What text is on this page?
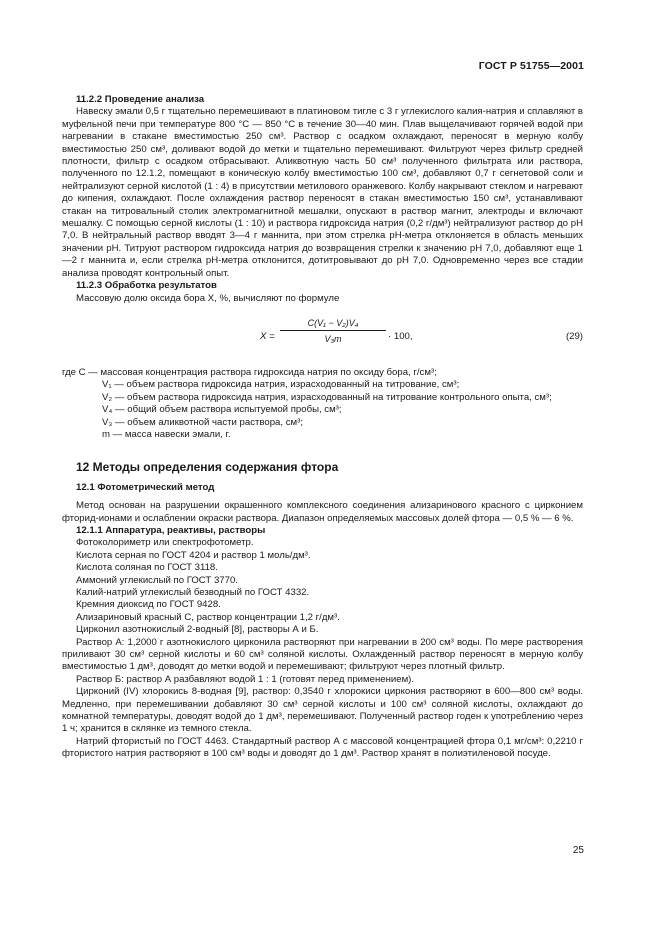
ГОСТ Р 51755—2001

11.2.2 Проведение анализа

Навеску эмали 0,5 г тщательно перемешивают в платиновом тигле с 3 г углекислого калия-натрия и сплавляют в муфельной печи при температуре 800 °С — 850 °С в течение 30—40 мин. Плав выщелачивают горячей водой при нагревании в стакане вместимостью 250 см³. Раствор с осадком охлаждают, переносят в мерную колбу вместимостью 250 см³, доливают водой до метки и тщательно перемешивают. Фильтруют через фильтр средней плотности, фильтр с осадком отбрасывают. Аликвотную часть 50 см³ полученного фильтрата или раствора, полученного по 12.1.2, помещают в коническую колбу вместимостью 100 см³, добавляют 0,7 г сегнетовой соли и нейтрализуют серной кислотой (1 : 4) в присутствии метилового оранжевого. Колбу накрывают стеклом и нагревают до кипения, охлаждают. После охлаждения раствор переносят в стакан вместимостью 150 см³, устанавливают стакан на титровальный столик электромагнитной мешалки, опускают в раствор магнит, электроды и включают мешалку. С помощью серной кислоты (1 : 10) и раствора гидроксида натрия (0,2 г/дм³) нейтрализуют раствор до рН 7,0. В нейтральный раствор вводят 3—4 г маннита, при этом стрелка рН-метра отклоняется в область меньших значении рН. Титруют раствором гидроксида натрия до возвращения стрелки к значению рН 7,0, добавляют еще 1—2 г маннита и, если стрелка рН-метра отклонится, дотитровывают до рН 7,0. Одновременно через все стадии анализа проводят контрольный опыт.

11.2.3 Обработка результатов

Массовую долю оксида бора X, %, вычисляют по формуле

$X = \frac{\text{C(V₁ − V₂)V₄}}{\text{V₃m}} \cdot 100$,	(29)

где C — массовая концентрация раствора гидроксида натрия по оксиду бора, г/см³;

V₁ — объем раствора гидроксида натрия, израсходованный на титрование, см³;

V₂ — объем раствора гидроксида натрия, израсходованный на титрование контрольного опыта, см³;

V₄ — общий объем раствора испытуемой пробы, см³;

V₃ — объем аликвотной части раствора, см³;

m — масса навески эмали, г.

12 Методы определения содержания фтора

12.1 Фотометрический метод

Метод основан на разрушении окрашенного комплексного соединения ализаринового красного с цирконием фторид-ионами и ослаблении окраски раствора. Диапазон определяемых массовых долей фтора — 0,5 % — 6 %.

12.1.1 Аппаратура, реактивы, растворы

Фотоколориметр или спектрофотометр.

Кислота серная по ГОСТ 4204 и раствор 1 моль/дм³.

Кислота соляная по ГОСТ 3118.

Аммоний углекислый по ГОСТ 3770.

Калий-натрий углекислый безводный по ГОСТ 4332.

Кремния диоксид по ГОСТ 9428.

Ализариновый красный С, раствор концентрации 1,2 г/дм³.

Цирконил азотнокислый 2-водный [8], растворы А и Б.

Раствор А: 1,2000 г азотнокислого цирконила растворяют при нагревании в 200 см³ воды. По мере растворения приливают 30 см³ серной кислоты и 60 см³ соляной кислоты. Охлажденный раствор переносят в мерную колбу вместимостью 1 дм³, доводят до метки водой и перемешивают; фильтруют через плотный фильтр.

Раствор Б: раствор А разбавляют водой 1 : 1 (готовят перед применением).

Цирконий (IV) хлорокись 8-водная [9], раствор: 0,3540 г хлорокиси циркония растворяют в 600—800 см³ воды. Медленно, при перемешивании добавляют 30 см³ серной кислоты и 100 см³ соляной кислоты, охлаждают до комнатной температуры, доводят водой до 1 дм³, перемешивают. Полученный раствор годен к употреблению через 1 ч; хранится в склянке из темного стекла.

Натрий фтористый по ГОСТ 4463. Стандартный раствор А с массовой концентрацией фтора 0,1 мг/см³: 0,2210 г фтористого натрия растворяют в 100 см³ воды и доводят до 1 дм³. Раствор хранят в полиэтиленовой посуде.

25
